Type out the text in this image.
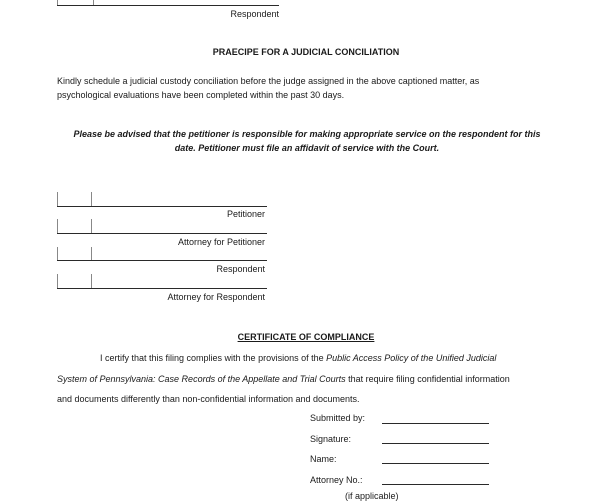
Respondent
PRAECIPE FOR A JUDICIAL CONCILIATION
Kindly schedule a judicial custody conciliation before the judge assigned in the above captioned matter, as
psychological evaluations have been completed within the past 30 days.
Please be advised that the petitioner is responsible for making appropriate service on the respondent for this
date. Petitioner must file an affidavit of service with the Court.
Petitioner
Attorney for Petitioner
Respondent
Attorney for Respondent
CERTIFICATE OF COMPLIANCE
I certify that this filing complies with the provisions of the Public Access Policy of the Unified Judicial
System of Pennsylvania: Case Records of the Appellate and Trial Courts that require filing confidential information
and documents differently than non-confidential information and documents.
Submitted by:
Signature:
Name:
Attorney No.:
(if applicable)
